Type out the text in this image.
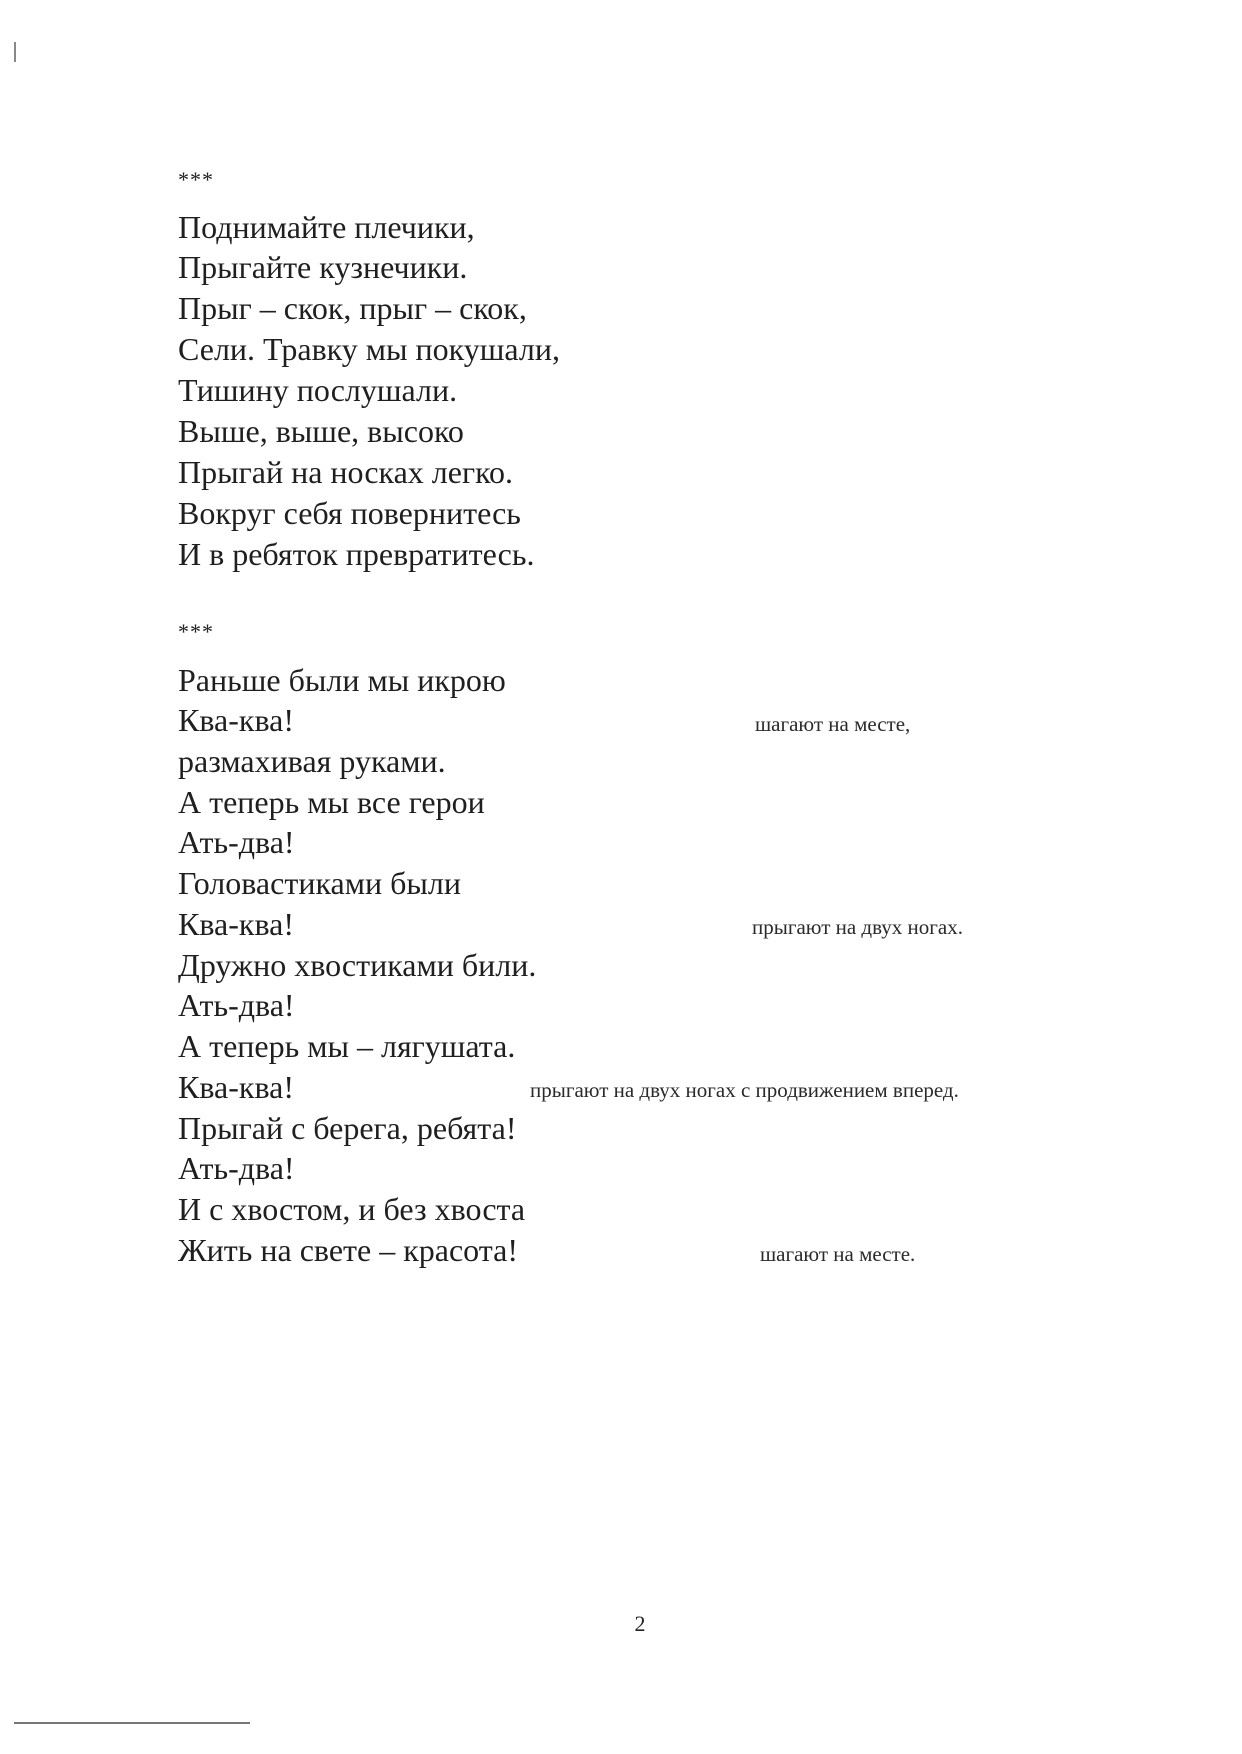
***
Поднимайте плечики,
Прыгайте кузнечики.
Прыг – скок, прыг – скок,
Сели. Травку мы покушали,
Тишину послушали.
Выше, выше, высоко
Прыгай на носках легко.
Вокруг себя повернитесь
И в ребяток превратитесь.
***
Раньше были мы икрою
Ква-ква!	шагают на месте,
размахивая руками.
А теперь мы все герои
Ать-два!
Головастиками были
Ква-ква!	прыгают на двух ногах.
Дружно хвостиками били.
Ать-два!
А теперь мы – лягушата.
Ква-ква!	прыгают на двух ногах с продвижением вперед.
Прыгай с берега, ребята!
Ать-два!
И с хвостом, и без хвоста
Жить на свете – красота!	шагают на месте.
2
